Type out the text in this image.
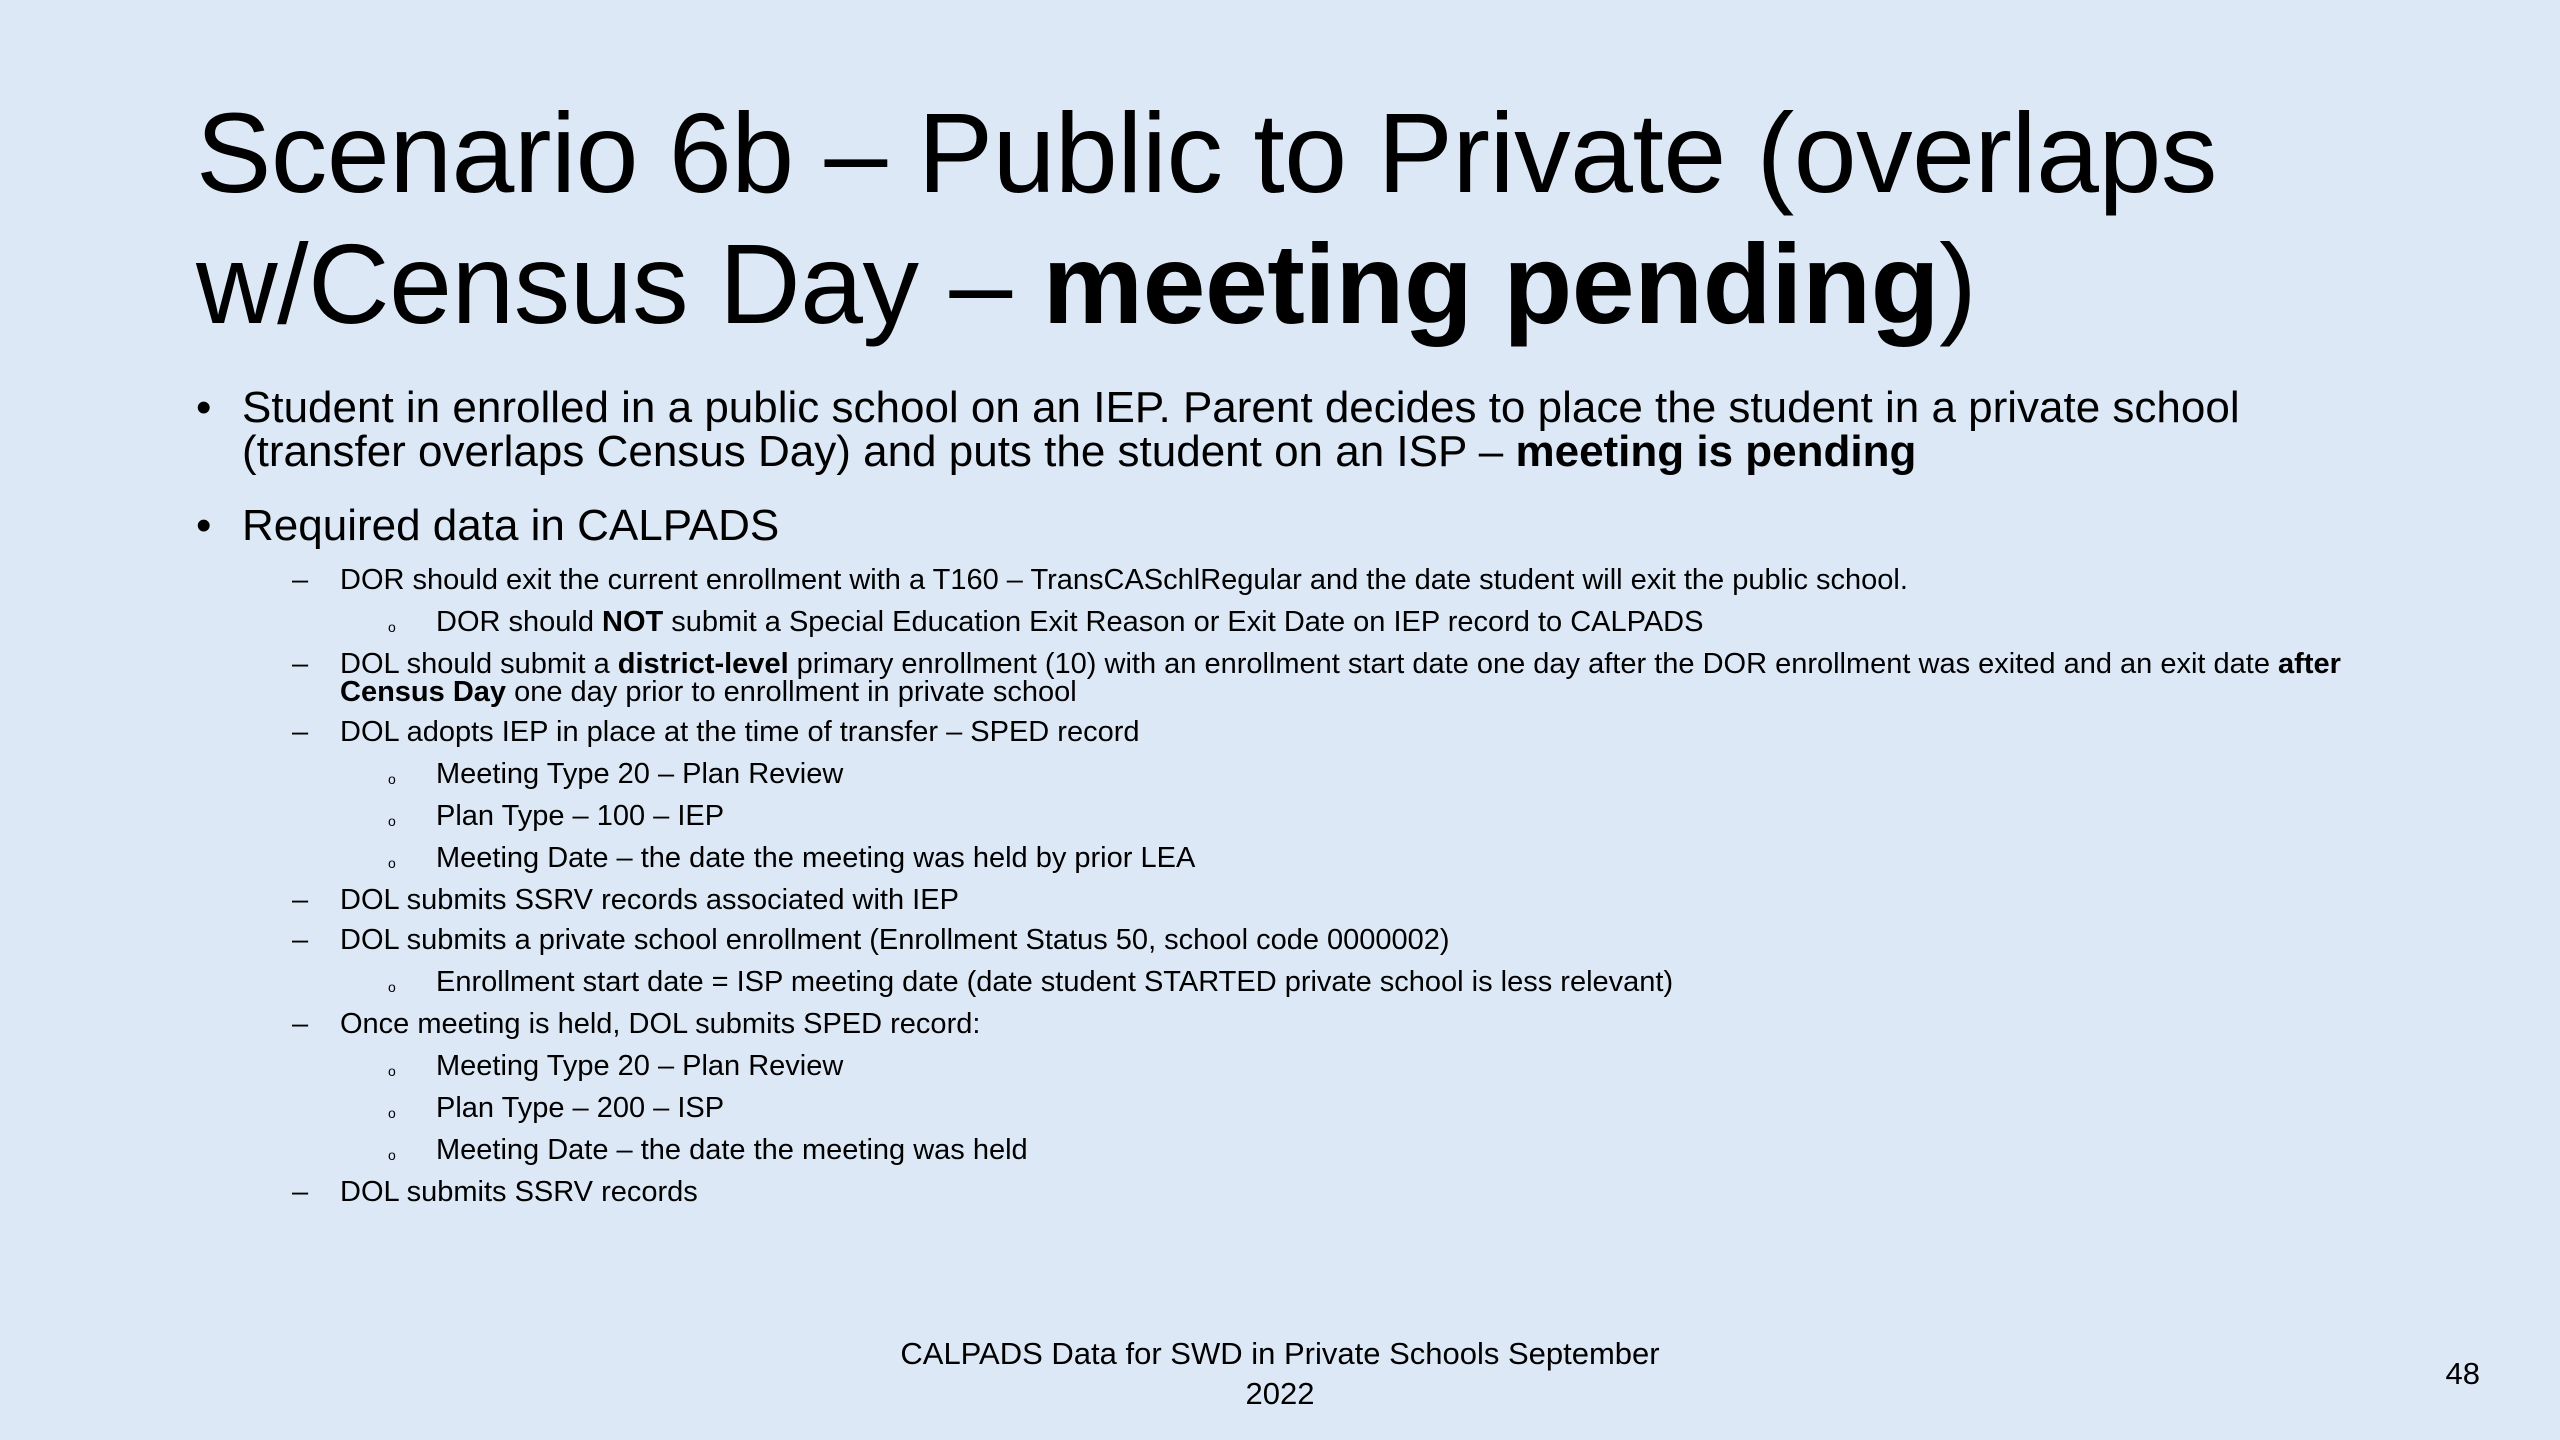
Scenario 6b – Public to Private (overlaps w/Census Day – meeting pending)
• Student in enrolled in a public school on an IEP. Parent decides to place the student in a private school (transfer overlaps Census Day) and puts the student on an ISP – meeting is pending
• Required data in CALPADS
– DOR should exit the current enrollment with a T160 – TransCASchlRegular and the date student will exit the public school.
o DOR should NOT submit a Special Education Exit Reason or Exit Date on IEP record to CALPADS
– DOL should submit a district-level primary enrollment (10) with an enrollment start date one day after the DOR enrollment was exited and an exit date after Census Day one day prior to enrollment in private school
– DOL adopts IEP in place at the time of transfer – SPED record
o Meeting Type 20 – Plan Review
o Plan Type – 100 – IEP
o Meeting Date – the date the meeting was held by prior LEA
– DOL submits SSRV records associated with IEP
– DOL submits a private school enrollment (Enrollment Status 50, school code 0000002)
o Enrollment start date = ISP meeting date (date student STARTED private school is less relevant)
– Once meeting is held, DOL submits SPED record:
o Meeting Type 20 – Plan Review
o Plan Type – 200 – ISP
o Meeting Date – the date the meeting was held
– DOL submits SSRV records
CALPADS Data for SWD in Private Schools September 2022
48
